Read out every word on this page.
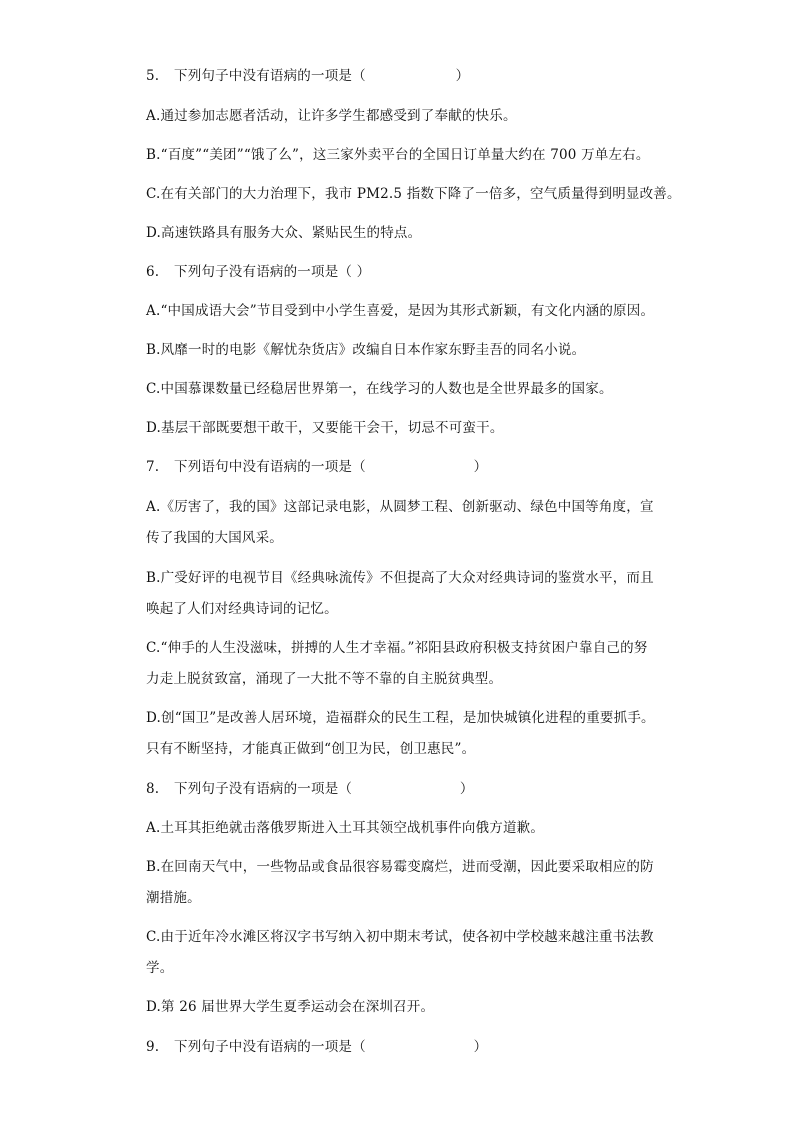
5. 下列句子中没有语病的一项是（                    ）
A.通过参加志愿者活动，让许多学生都感受到了奉献的快乐。
B.“百度”“美团”“饿了么”，这三家外卖平台的全国日订单量大约在 700 万单左右。
C.在有关部门的大力治理下，我市 PM2.5 指数下降了一倍多，空气质量得到明显改善。
D.高速铁路具有服务大众、紧贴民生的特点。
6. 下列句子没有语病的一项是（ ）
A.“中国成语大会”节目受到中小学生喜爱，是因为其形式新颖，有文化内涵的原因。
B.风靡一时的电影《解忧杂货店》改编自日本作家东野圭吾的同名小说。
C.中国慕课数量已经稳居世界第一，在线学习的人数也是全世界最多的国家。
D.基层干部既要想干敢干，又要能干会干，切忌不可蛮干。
7. 下列语句中没有语病的一项是（                        ）
A.《厉害了，我的国》这部记录电影，从圆梦工程、创新驱动、绿色中国等角度，宣
传了我国的大国风采。
B.广受好评的电视节目《经典咏流传》不但提高了大众对经典诗词的鉴赏水平，而且
唤起了人们对经典诗词的记忆。
C.“伸手的人生没滋味，拼搏的人生才幸福。”祁阳县政府积极支持贫困户靠自己的努
力走上脱贫致富，涌现了一大批不等不靠的自主脱贫典型。
D.创“国卫”是改善人居环境，造福群众的民生工程，是加快城镇化进程的重要抓手。
只有不断坚持，才能真正做到“创卫为民，创卫惠民”。
8. 下列句子没有语病的一项是（                        ）
A.土耳其拒绝就击落俄罗斯进入土耳其领空战机事件向俄方道歉。
B.在回南天气中，一些物品或食品很容易霉变腐烂，进而受潮，因此要采取相应的防
潮措施。
C.由于近年冷水滩区将汉字书写纳入初中期末考试，使各初中学校越来越注重书法教
学。
D.第 26 届世界大学生夏季运动会在深圳召开。
9. 下列句子中没有语病的一项是（                        ）
